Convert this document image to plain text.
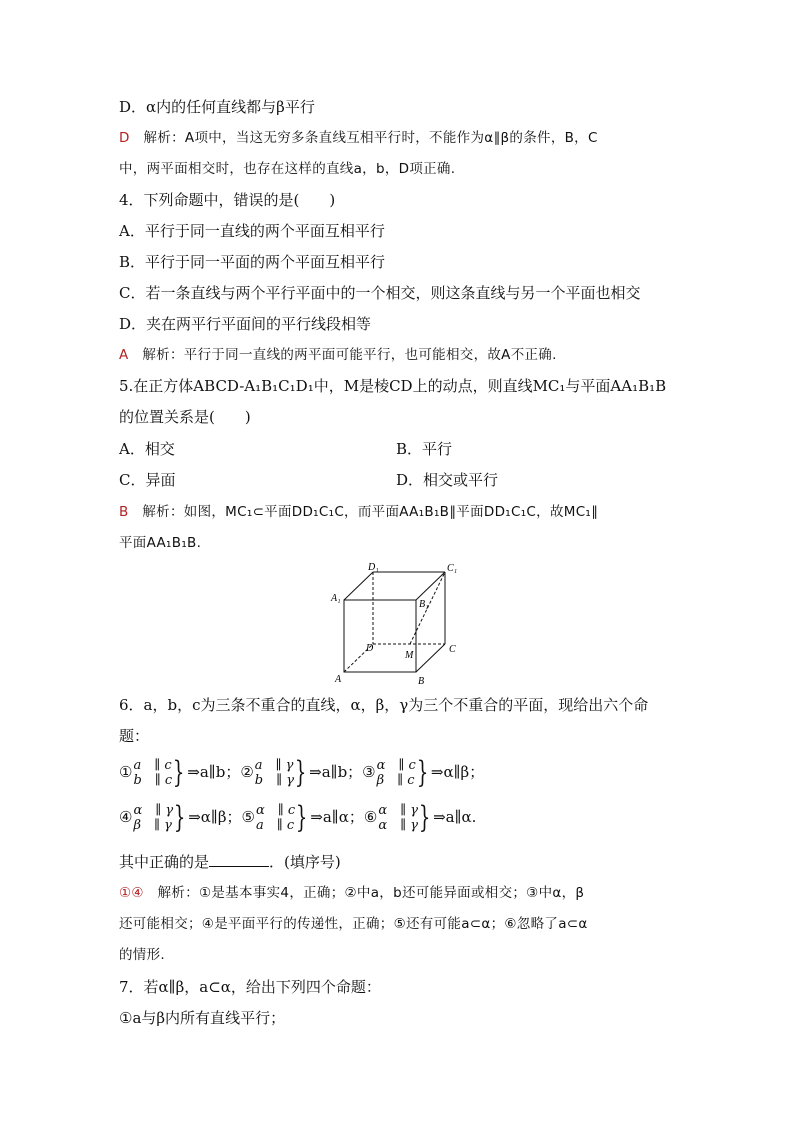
D．α内的任何直线都与β平行
D　 解析：A项中，当这无穷多条直线互相平行时，不能作为α∥β的条件，B，C
中，两平面相交时，也存在这样的直线a，b，D项正确.
4．下列命题中，错误的是(　　)
A．平行于同一直线的两个平面互相平行
B．平行于同一平面的两个平面互相平行
C．若一条直线与两个平行平面中的一个相交，则这条直线与另一个平面也相交
D．夹在两平行平面间的平行线段相等
A　 解析：平行于同一直线的两平面可能平行，也可能相交，故A不正确.
5.在正方体ABCD-A₁B₁C₁D₁中，M是棱CD上的动点，则直线MC₁与平面AA₁B₁B
的位置关系是(　　)
A．相交	B．平行
C．异面	D．相交或平行
B　 解析：如图，MC₁⊂平面DD₁C₁C，而平面AA₁B₁B∥平面DD₁C₁C，故MC₁∥
平面AA₁B₁B.
D₁	C₁
A₁
B₁
D
M
C
A	B
6．a，b，c为三条不重合的直线，α，β，γ为三个不重合的平面，现给出六个命
题：
① a　∥ c
b　∥ c } ⇒a∥b； ② a　∥ γ
b　∥ γ } ⇒a∥b； ③ α　∥ c
β　∥ c } ⇒α∥β；
④ α　∥ γ
β　∥ γ } ⇒α∥β； ⑤ α　∥ c
a　∥ c } ⇒a∥α； ⑥ α　∥ γ
α　∥ γ } ⇒a∥α.
其中正确的是	．(填序号)
①④　 解析：①是基本事实4，正确；②中a，b还可能异面或相交；③中α，β
还可能相交；④是平面平行的传递性，正确；⑤还有可能a⊂α；⑥忽略了a⊂α
的情形.
7．若α∥β，a⊂α，给出下列四个命题：
①a与β内所有直线平行；
